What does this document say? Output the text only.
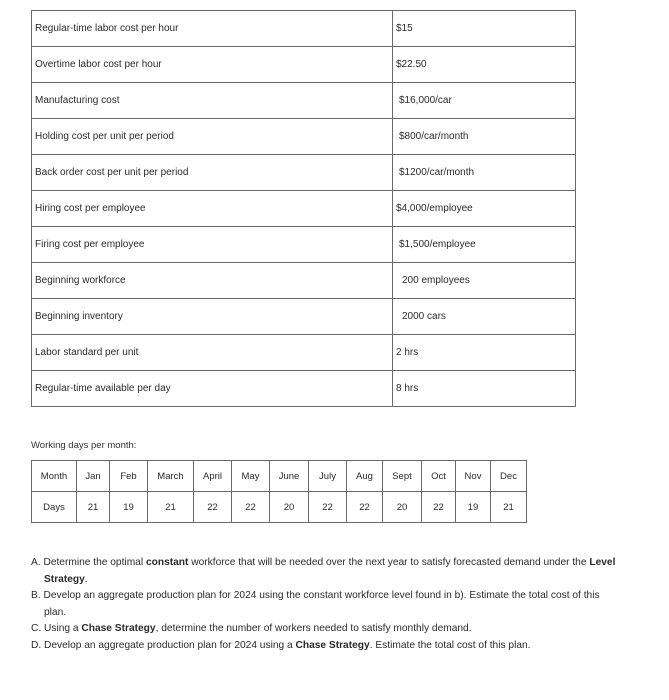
Regular-time labor cost per hour	$15
Overtime labor cost per hour	$22.50
Manufacturing cost	$16,000/car
Holding cost per unit per period	$800/car/month
Back order cost per unit per period	$1200/car/month
Hiring cost per employee	$4,000/employee
Firing cost per employee	$1,500/employee
Beginning workforce	200 employees
Beginning inventory	2000 cars
Labor standard per unit	2 hrs
Regular-time available per day	8 hrs
Working days per month:
Month	Jan	Feb	March	April	May	June	July	Aug	Sept	Oct	Nov	Dec
Days	21	19	21	22	22	20	22	22	20	22	19	21
A. Determine the optimal constant workforce that will be needed over the next year to satisfy forecasted demand under the Level Strategy.
B. Develop an aggregate production plan for 2024 using the constant workforce level found in b). Estimate the total cost of this plan.
C. Using a Chase Strategy, determine the number of workers needed to satisfy monthly demand.
D. Develop an aggregate production plan for 2024 using a Chase Strategy. Estimate the total cost of this plan.
